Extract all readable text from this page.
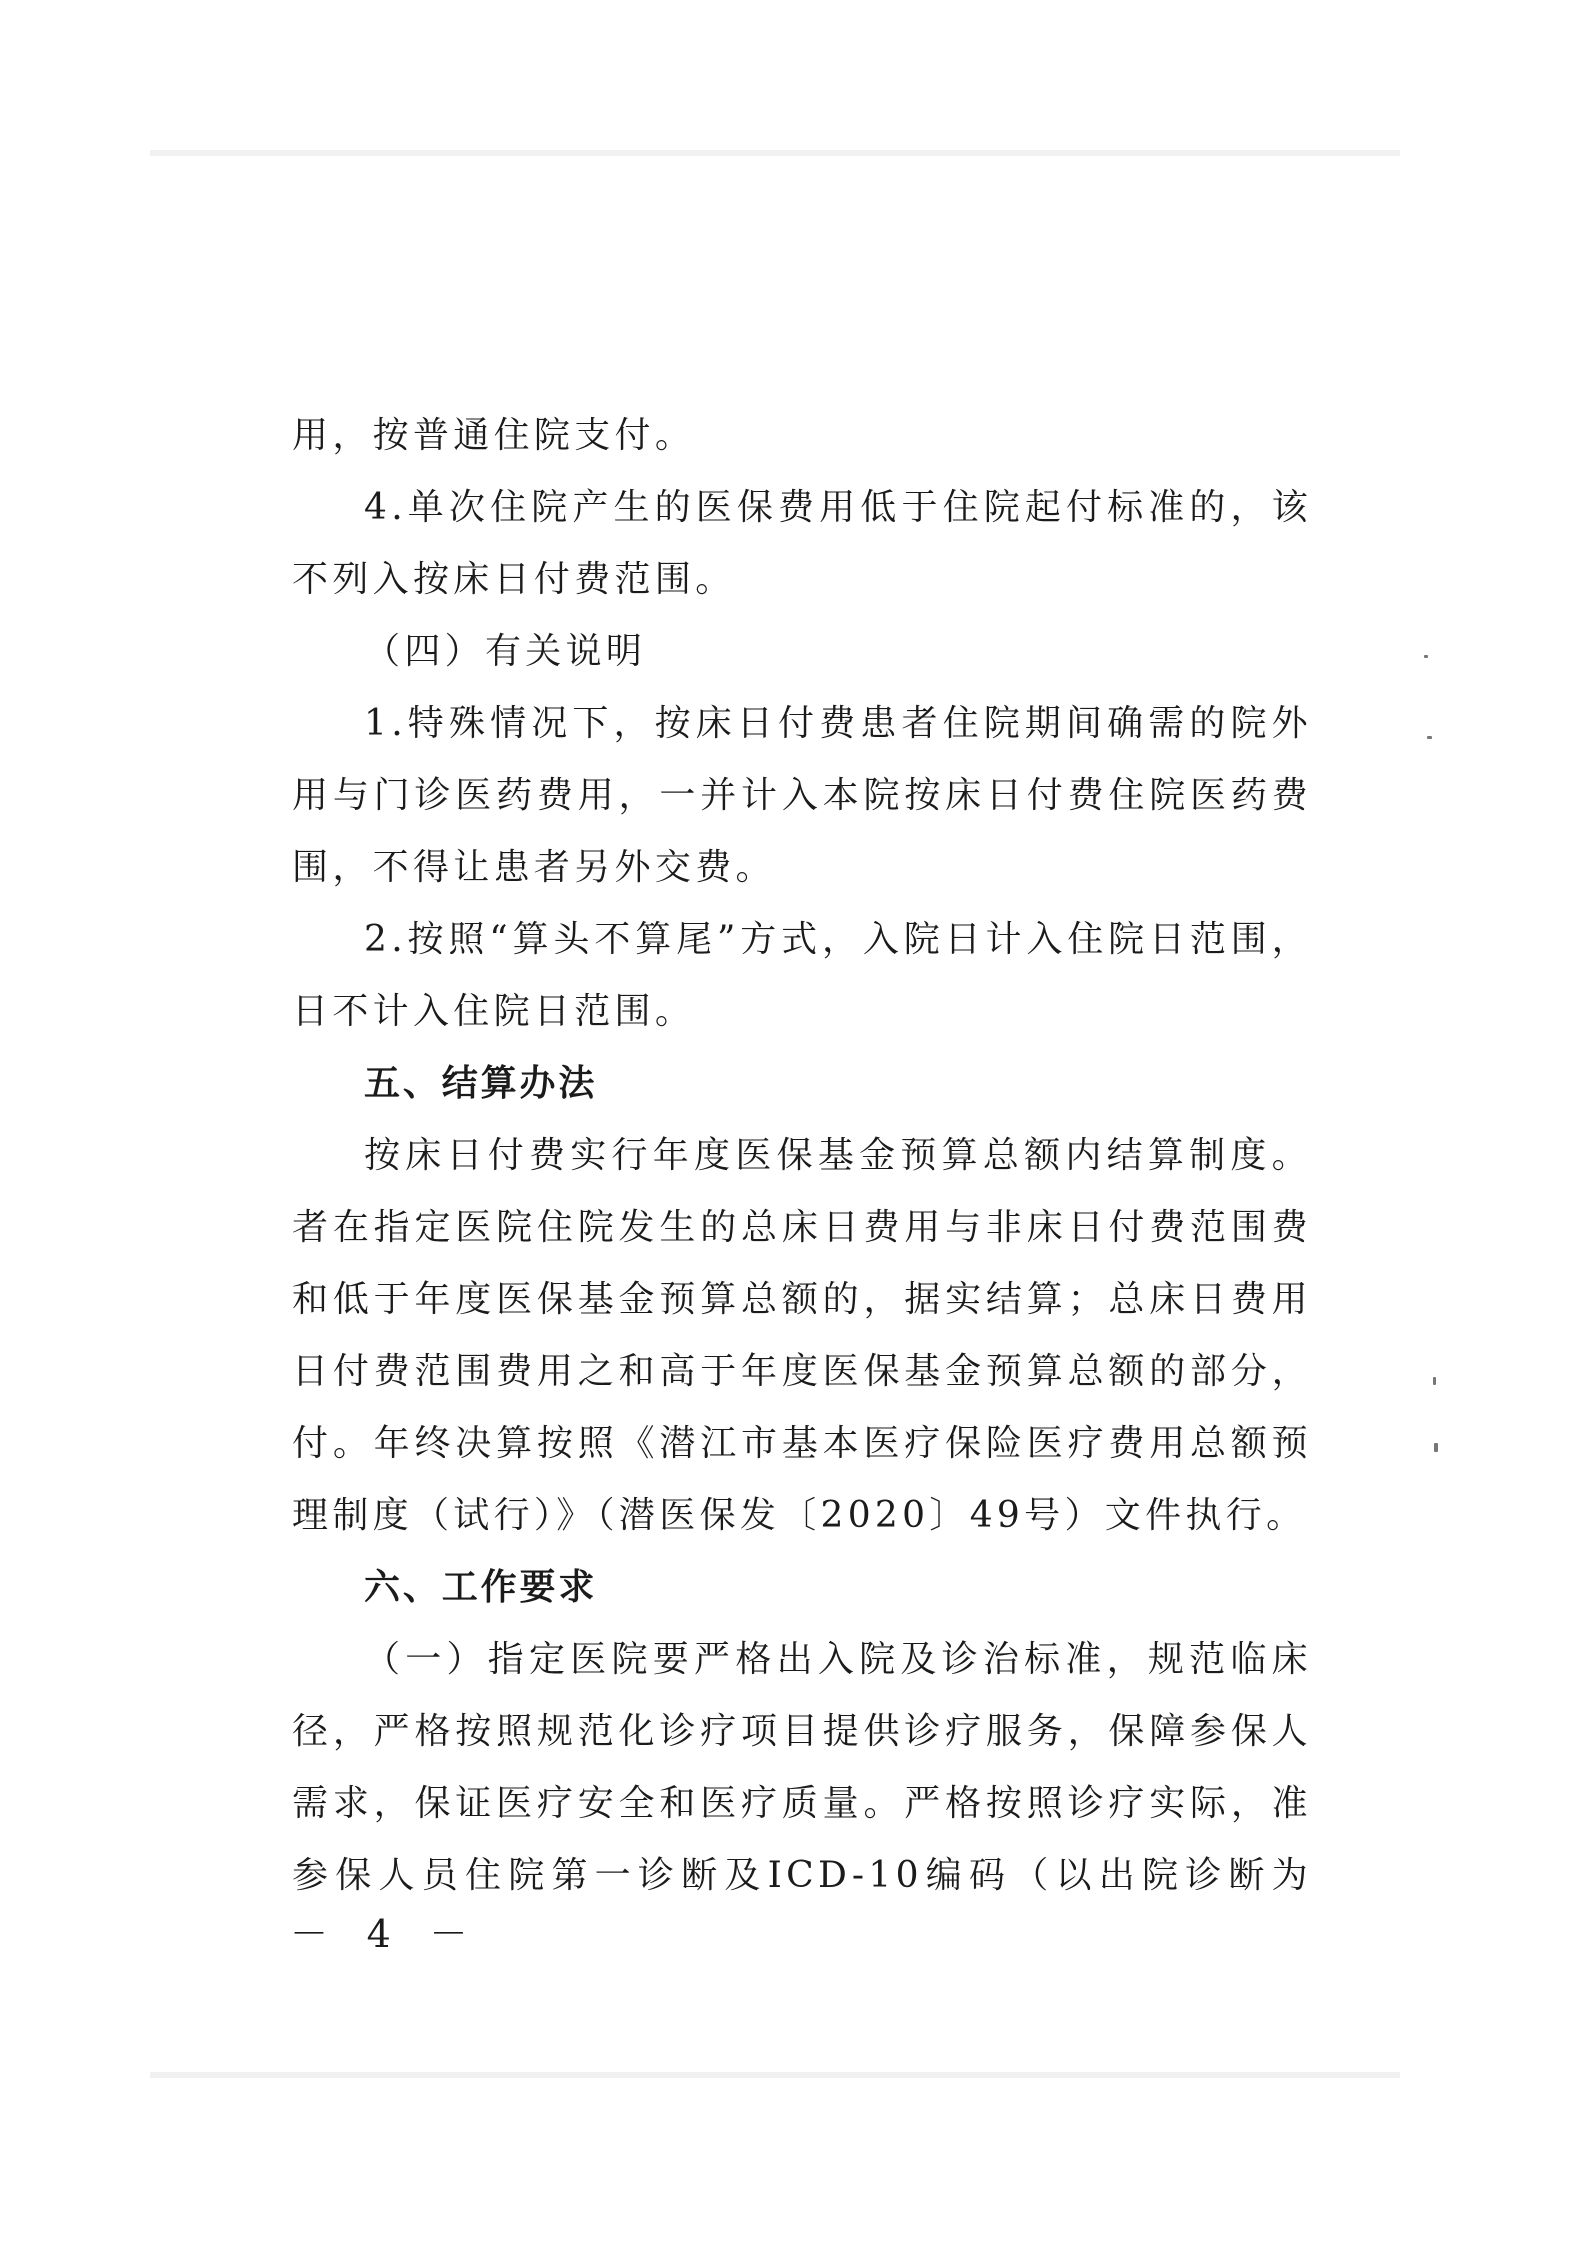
用，按普通住院支付。
4.单次住院产生的医保费用低于住院起付标准的，该
不列入按床日付费范围。
（四）有关说明
1.特殊情况下，按床日付费患者住院期间确需的院外
用与门诊医药费用，一并计入本院按床日付费住院医药费
围，不得让患者另外交费。
2.按照“算头不算尾”方式，入院日计入住院日范围，
日不计入住院日范围。
五、结算办法
按床日付费实行年度医保基金预算总额内结算制度。
者在指定医院住院发生的总床日费用与非床日付费范围费
和低于年度医保基金预算总额的，据实结算；总床日费用
日付费范围费用之和高于年度医保基金预算总额的部分，
付。年终决算按照《潜江市基本医疗保险医疗费用总额预
理制度（试行）》（潜医保发〔2020〕49号）文件执行。
六、工作要求
（一）指定医院要严格出入院及诊治标准，规范临床
径，严格按照规范化诊疗项目提供诊疗服务，保障参保人
需求，保证医疗安全和医疗质量。严格按照诊疗实际，准
参保人员住院第一诊断及ICD-10编码（以出院诊断为
－ 4 －
